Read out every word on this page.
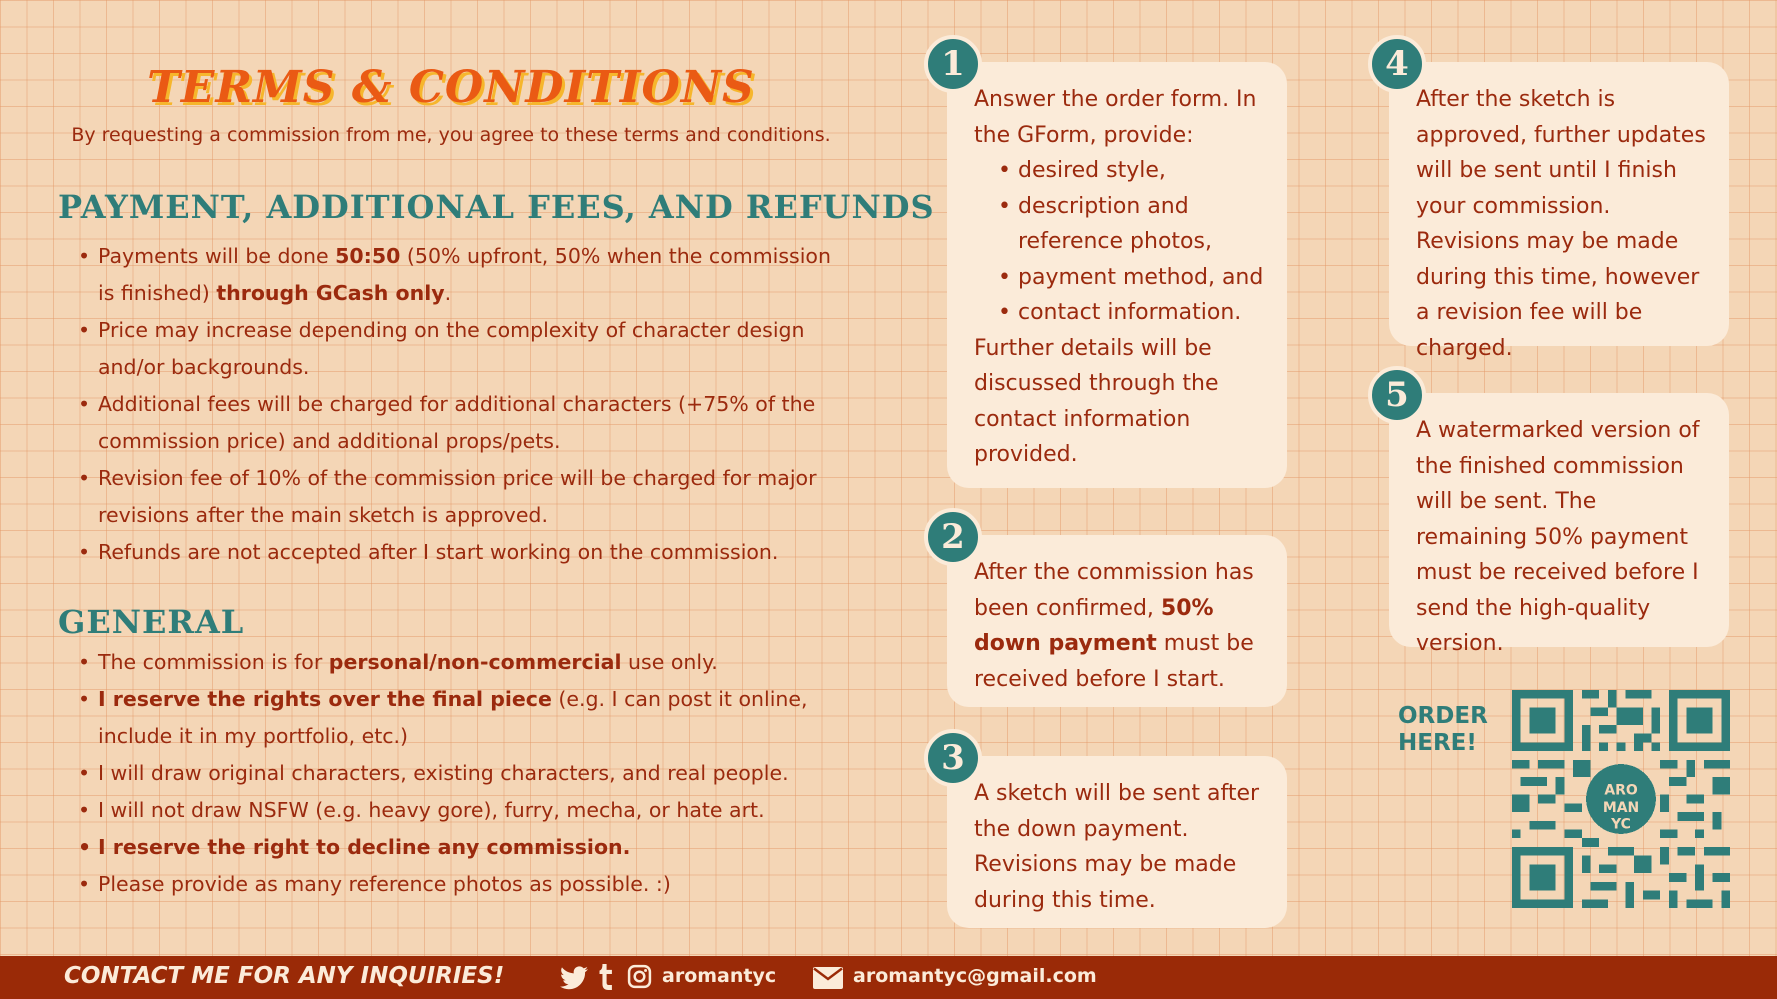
TERMS & CONDITIONS
By requesting a commission from me, you agree to these terms and conditions.
PAYMENT, ADDITIONAL FEES, AND REFUNDS
• Payments will be done 50:50 (50% upfront, 50% when the commission is finished) through GCash only.
• Price may increase depending on the complexity of character design and/or backgrounds.
• Additional fees will be charged for additional characters (+75% of the commission price) and additional props/pets.
• Revision fee of 10% of the commission price will be charged for major revisions after the main sketch is approved.
• Refunds are not accepted after I start working on the commission.
GENERAL
• The commission is for personal/non-commercial use only.
• I reserve the rights over the final piece (e.g. I can post it online, include it in my portfolio, etc.)
• I will draw original characters, existing characters, and real people.
• I will not draw NSFW (e.g. heavy gore), furry, mecha, or hate art.
• I reserve the right to decline any commission.
• Please provide as many reference photos as possible. :)
Answer the order form. In the GForm, provide:
• desired style,
• description and reference photos,
• payment method, and
• contact information.
Further details will be discussed through the contact information provided.
1
After the commission has been confirmed, 50% down payment must be received before I start.
2
A sketch will be sent after the down payment. Revisions may be made during this time.
3
After the sketch is approved, further updates will be sent until I finish your commission. Revisions may be made during this time, however a revision fee will be charged.
4
A watermarked version of the finished commission will be sent. The remaining 50% payment must be received before I send the high-quality version.
5
ORDER
HERE!
ARO
MAN
YC
CONTACT ME FOR ANY INQUIRIES!	aromantyc	aromantyc@gmail.com
